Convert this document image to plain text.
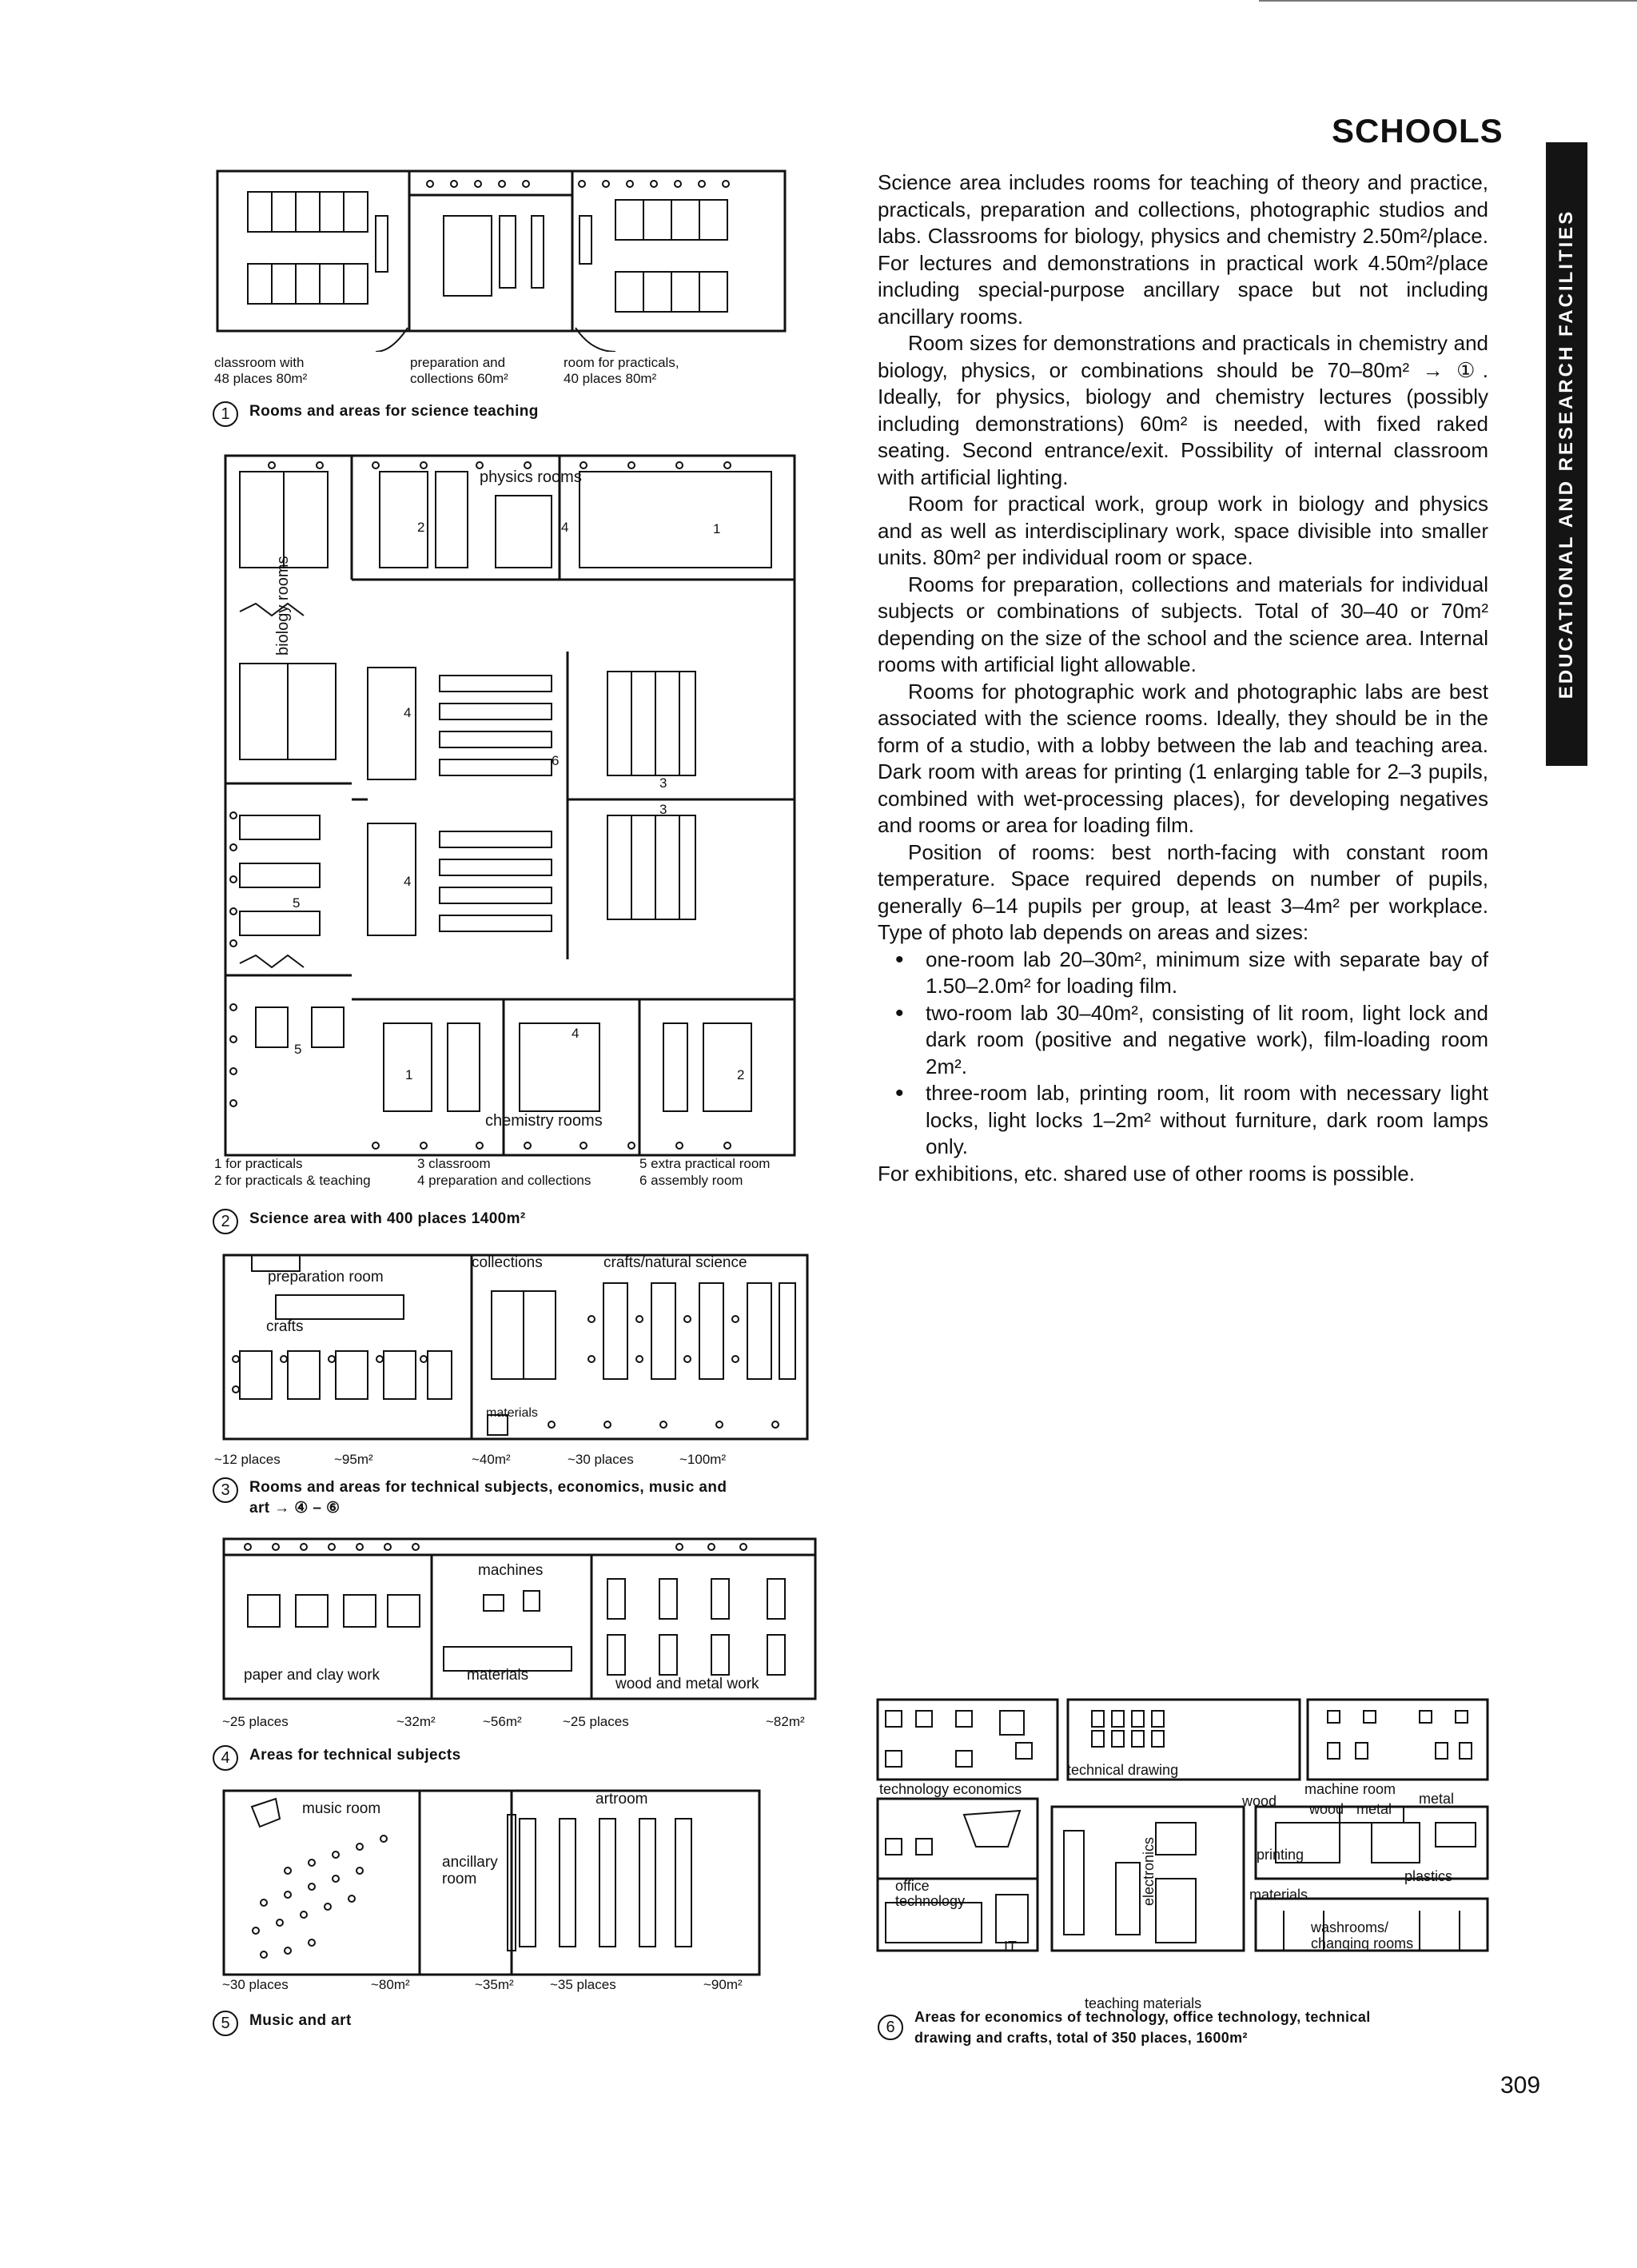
SCHOOLS
EDUCATIONAL AND RESEARCH FACILITIES
classroom with
48 places 80m²
preparation and
collections 60m²
room for practicals,
40 places 80m²
1	Rooms and areas for science teaching
physics rooms
biology rooms
chemistry rooms
2	4	1
4
6
3
3
4
5
5
4
1	2
1 for practicals
2 for practicals & teaching
3 classroom
4 preparation and collections
5 extra practical room
6 assembly room
2	Science area with 400 places 1400m²
preparation room
crafts
collections	crafts/natural science
materials
~12 places	~95m²	~40m²	~30 places	~100m²
3	Rooms and areas for technical subjects, economics, music and
art → ④ – ⑥
machines
paper and clay work	materials
wood and metal work
~25 places	~32m²	~56m²	~25 places	~82m²
4	Areas for technical subjects
music room
ancillary
room
artroom
~30 places	~80m²	~35m²	~35 places	~90m²
5	Music and art

Science area includes rooms for teaching of theory and practice, practicals, preparation and collections, photographic studios and labs. Classrooms for biology, physics and chemistry 2.50m²/place. For lectures and demonstrations in practical work 4.50m²/place including special-purpose ancillary space but not including ancillary rooms.

Room sizes for demonstrations and practicals in chemistry and biology, physics, or combinations should be 70–80m² → ①. Ideally, for physics, biology and chemistry lectures (possibly including demonstrations) 60m² is needed, with fixed raked seating. Second entrance/exit. Possibility of internal classroom with artificial lighting.

Room for practical work, group work in biology and physics and as well as interdisciplinary work, space divisible into smaller units. 80m² per individual room or space.

Rooms for preparation, collections and materials for individual subjects or combinations of subjects. Total of 30–40 or 70m² depending on the size of the school and the science area. Internal rooms with artificial light allowable.

Rooms for photographic work and photographic labs are best associated with the science rooms. Ideally, they should be in the form of a studio, with a lobby between the lab and teaching area. Dark room with areas for printing (1 enlarging table for 2–3 pupils, combined with wet-processing places), for developing negatives and rooms or area for loading film.

Position of rooms: best north-facing with constant room temperature. Space required depends on number of pupils, generally 6–14 pupils per group, at least 3–4m² per workplace. Type of photo lab depends on areas and sizes:

• one-room lab 20–30m², minimum size with separate bay of 1.50–2.0m² for loading film.
• two-room lab 30–40m², consisting of lit room, light lock and dark room (positive and negative work), film-loading room 2m².
• three-room lab, printing room, lit room with necessary light locks, light locks 1–2m² without furniture, dark room lamps only.

For exhibitions, etc. shared use of other rooms is possible.

technical drawing
technology economics
office
technology
IT
electronics
machine room
wood wood metal
metal
printing
plastics
materials
washrooms/
changing rooms
teaching materials
6
Areas for economics of technology, office technology, technical
drawing and crafts, total of 350 places, 1600m²
309
